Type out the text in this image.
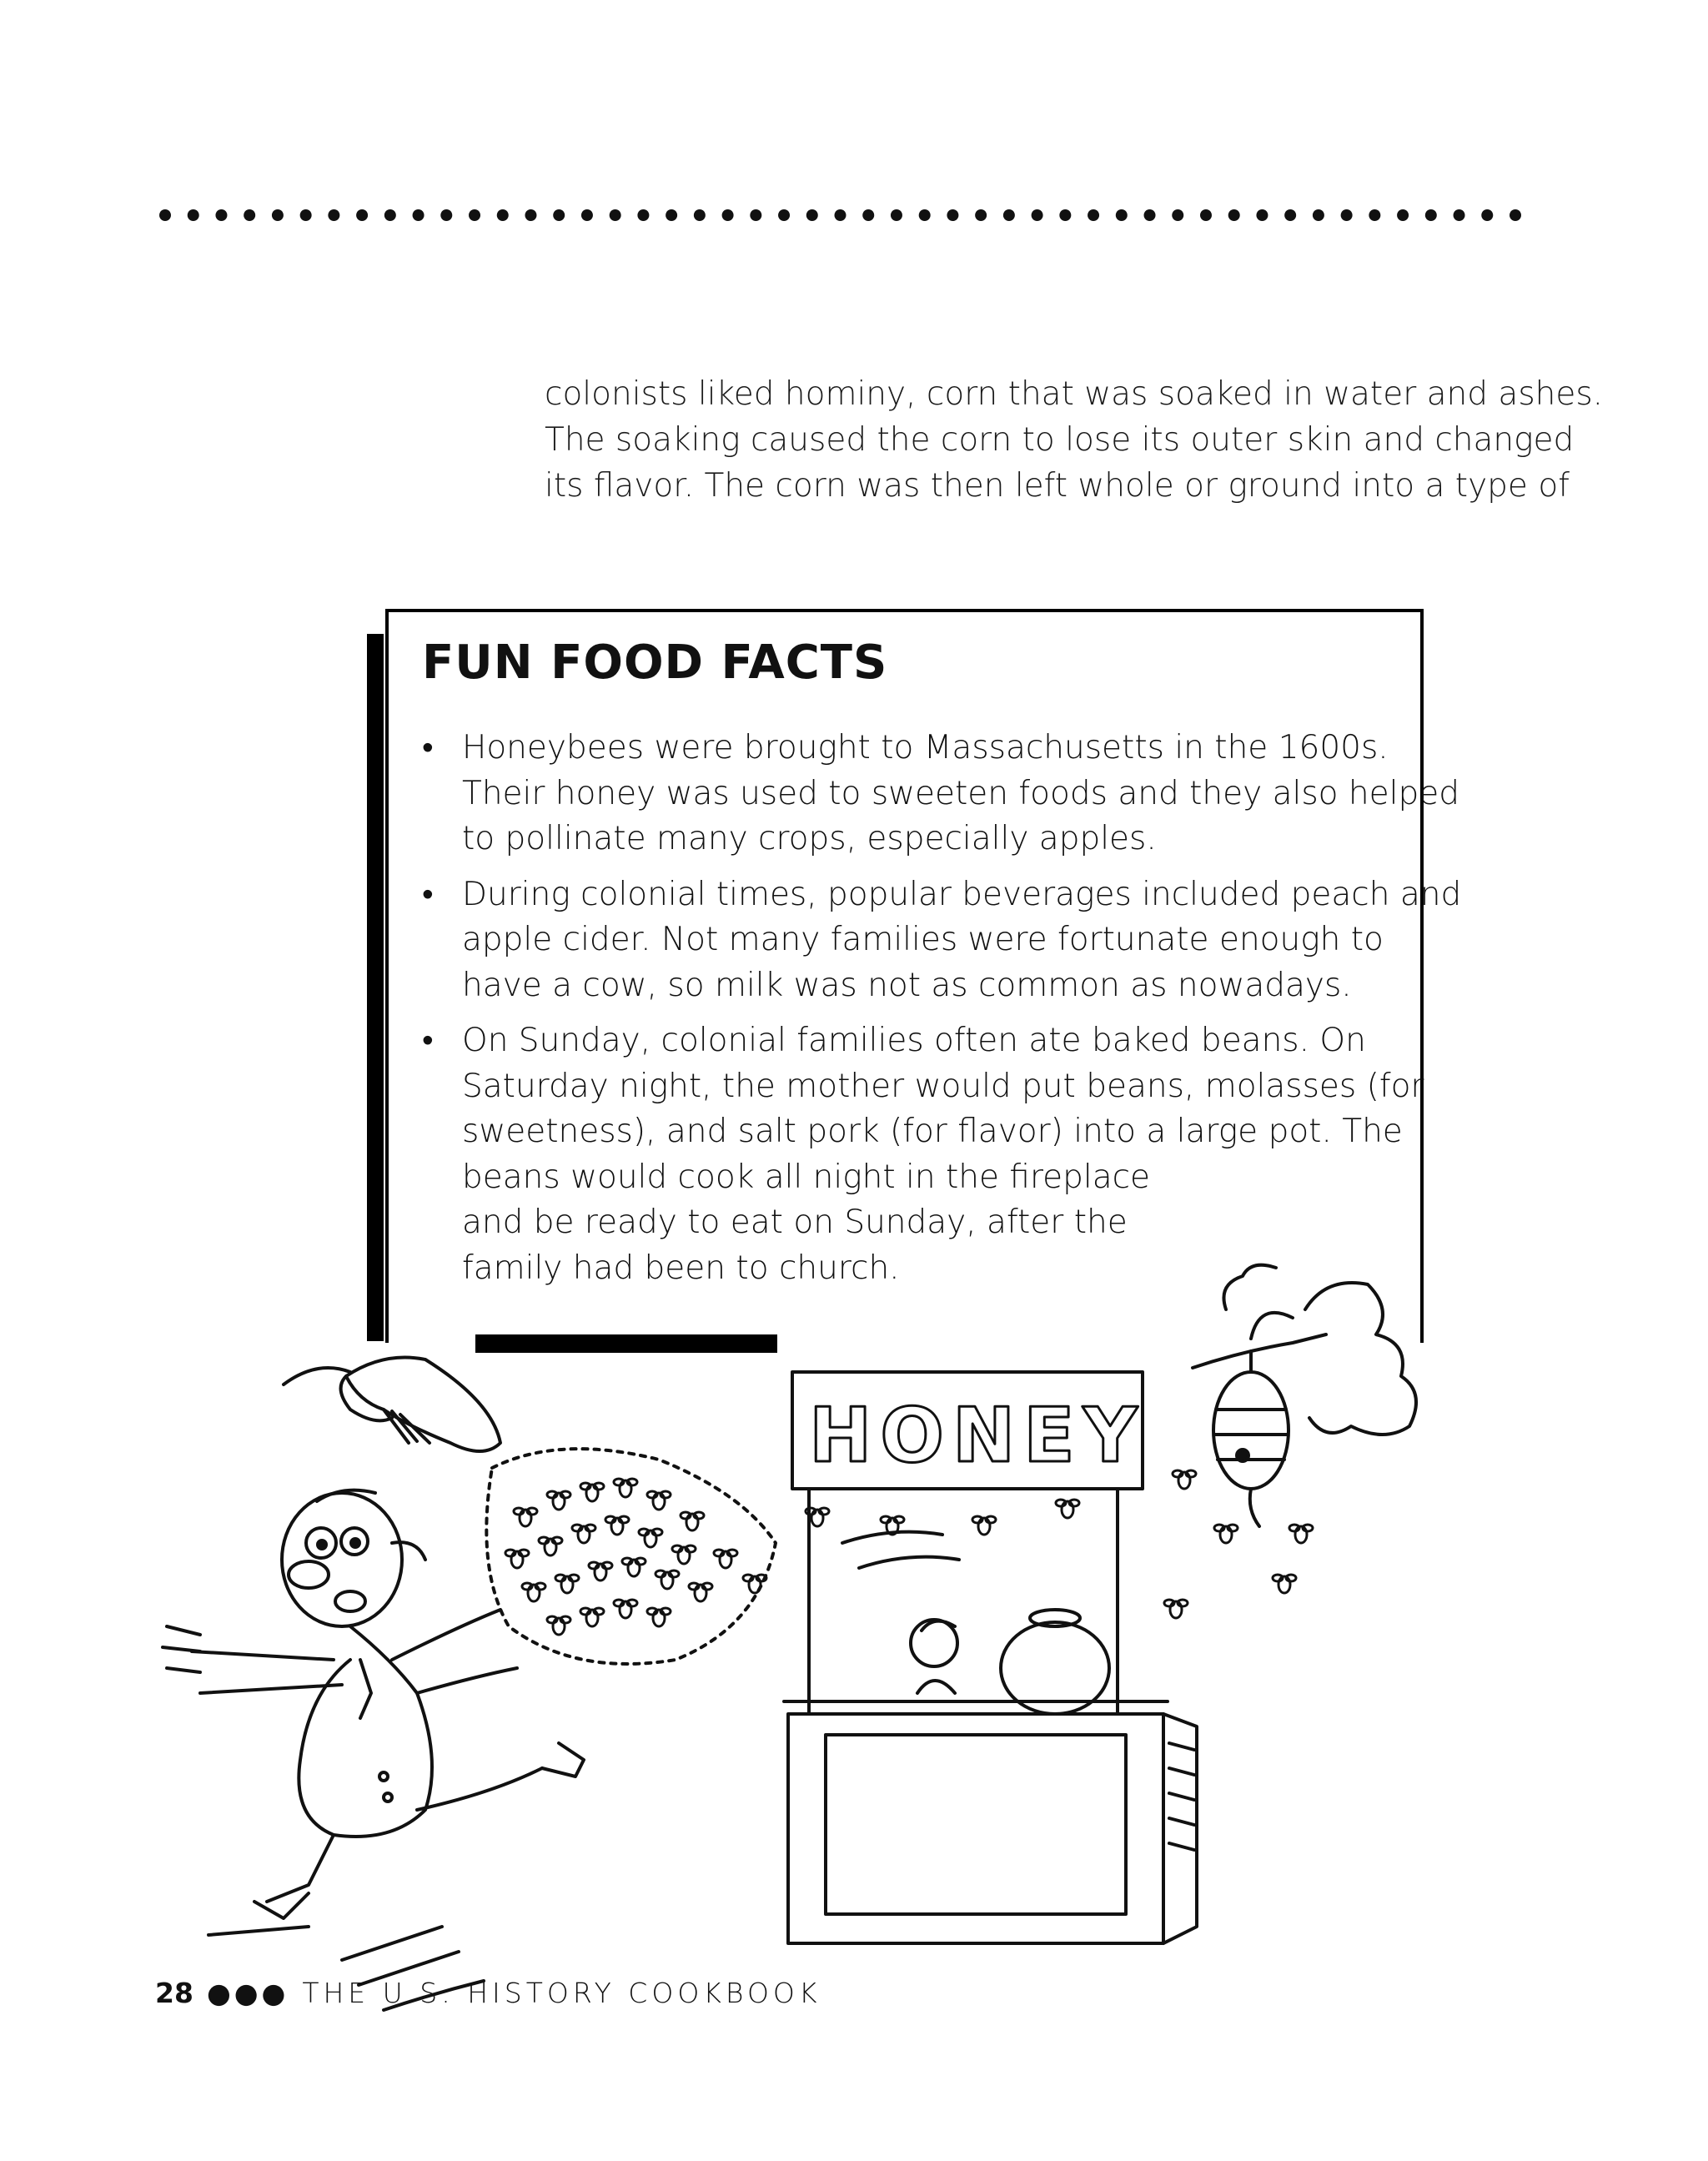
colonists liked hominy, corn that was soaked in water and ashes.

The soaking caused the corn to lose its outer skin and changed

its flavor. The corn was then left whole or ground into a type of

FUN FOOD FACTS
• Honeybees were brought to Massachusetts in the 1600s.
Their honey was used to sweeten foods and they also helped
to pollinate many crops, especially apples.
• During colonial times, popular beverages included peach and
apple cider. Not many families were fortunate enough to
have a cow, so milk was not as common as nowadays.
• On Sunday, colonial families often ate baked beans. On
Saturday night, the mother would put beans, molasses (for
sweetness), and salt pork (for flavor) into a large pot. The
beans would cook all night in the fireplace
and be ready to eat on Sunday, after the
family had been to church.
HONEY
28 ●●● THE U.S. HISTORY COOKBOOK
